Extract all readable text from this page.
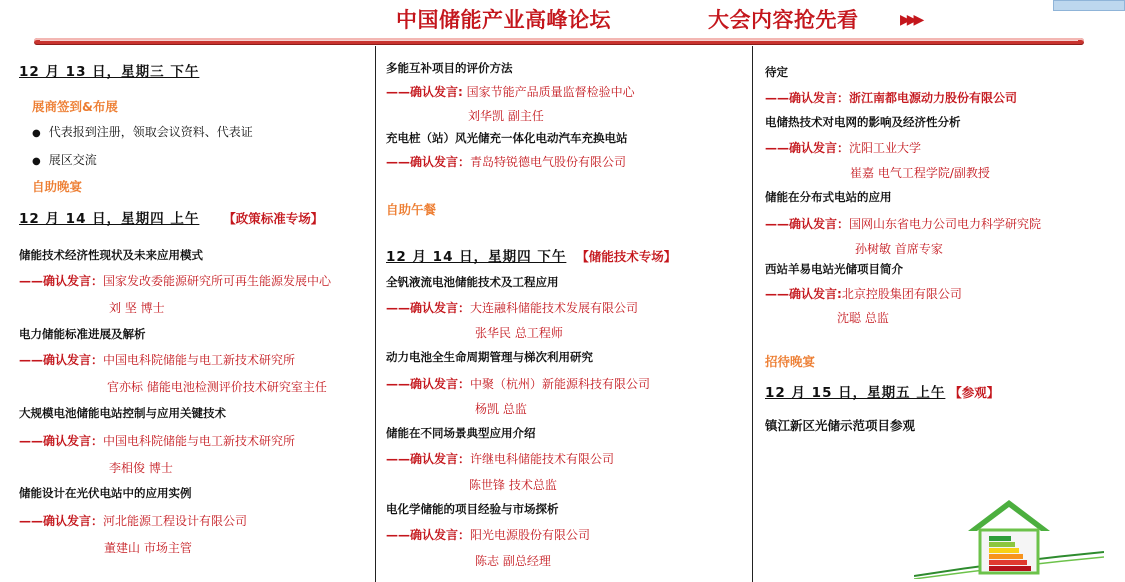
中国储能产业高峰论坛	大会内容抢先看	▶▶▶
12 月 13 日，星期三 下午
展商签到&布展
● 代表报到注册，领取会议资料、代表证
● 展区交流
自助晚宴
12 月 14 日，星期四 上午 【政策标准专场】
储能技术经济性现状及未来应用模式
——确认发言：国家发改委能源研究所可再生能源发展中心
刘 坚 博士
电力储能标准进展及解析
——确认发言：中国电科院储能与电工新技术研究所
官亦标 储能电池检测评价技术研究室主任
大规模电池储能电站控制与应用关键技术
——确认发言：中国电科院储能与电工新技术研究所
李相俊 博士
储能设计在光伏电站中的应用实例
——确认发言：河北能源工程设计有限公司
董建山 市场主管
多能互补项目的评价方法
——确认发言: 国家节能产品质量监督检验中心
刘华凯 副主任
充电桩（站）风光储充一体化电动汽车充换电站
——确认发言：青岛特锐德电气股份有限公司
自助午餐
12 月 14 日，星期四 下午 【储能技术专场】
全钒液流电池储能技术及工程应用
——确认发言：大连融科储能技术发展有限公司
张华民 总工程师
动力电池全生命周期管理与梯次利用研究
——确认发言：中聚（杭州）新能源科技有限公司
杨凯 总监
储能在不同场景典型应用介绍
——确认发言：许继电科储能技术有限公司
陈世锋 技术总监
电化学储能的项目经验与市场探析
——确认发言：阳光电源股份有限公司
陈志 副总经理
待定
——确认发言：浙江南都电源动力股份有限公司
电储热技术对电网的影响及经济性分析
——确认发言：沈阳工业大学
崔嘉 电气工程学院/副教授
储能在分布式电站的应用
——确认发言：国网山东省电力公司电力科学研究院
孙树敏 首席专家
西站羊易电站光储项目简介
——确认发言:北京控股集团有限公司
沈聪 总监
招待晚宴
12 月 15 日，星期五 上午 【参观】
镇江新区光储示范项目参观
